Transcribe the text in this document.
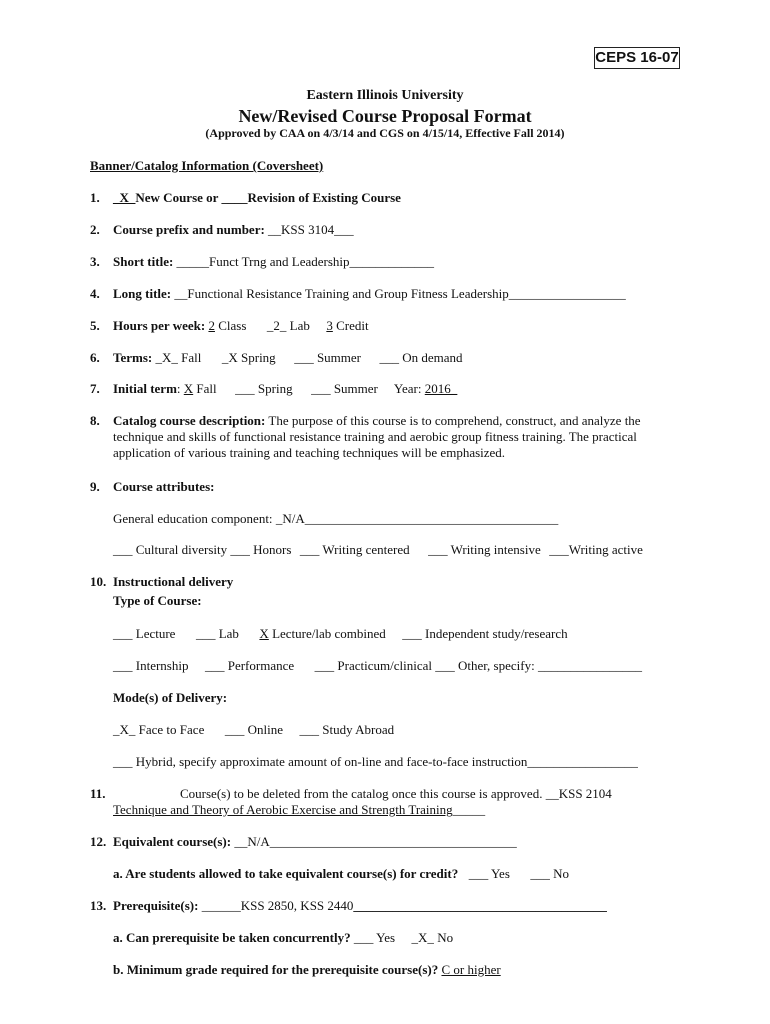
CEPS 16-07
Eastern Illinois University
New/Revised Course Proposal Format
(Approved by CAA on 4/3/14 and CGS on 4/15/14, Effective Fall 2014)
Banner/Catalog Information (Coversheet)
1. _X_New Course or ____Revision of Existing Course
2. Course prefix and number: __KSS 3104___
3. Short title: _____Funct Trng and Leadership_____________
4. Long title: __Functional Resistance Training and Group Fitness Leadership__________________
5. Hours per week: 2 Class _2_ Lab 3 Credit
6. Terms: _X_ Fall _X Spring ___ Summer ___ On demand
7. Initial term: X Fall ___ Spring ___ Summer Year: 2016_
8. Catalog course description: The purpose of this course is to comprehend, construct, and analyze the technique and skills of functional resistance training and aerobic group fitness training. The practical application of various training and teaching techniques will be emphasized.
9. Course attributes:
General education component: _N/A_______________________________________
___ Cultural diversity ___ Honors ___ Writing centered ___ Writing intensive ___Writing active
10. Instructional delivery
Type of Course:
___ Lecture ___ Lab X Lecture/lab combined ___ Independent study/research
___ Internship ___ Performance ___ Practicum/clinical ___ Other, specify: ________________
Mode(s) of Delivery:
_X_ Face to Face ___ Online ___ Study Abroad
___ Hybrid, specify approximate amount of on-line and face-to-face instruction_________________
11.	Course(s) to be deleted from the catalog once this course is approved. __KSS 2104
Technique and Theory of Aerobic Exercise and Strength Training_____
12. Equivalent course(s): __N/A______________________________________
a. Are students allowed to take equivalent course(s) for credit? ___ Yes ___ No
13. Prerequisite(s): ______KSS 2850, KSS 2440_______________________________________
a. Can prerequisite be taken concurrently? ___ Yes _X_ No
b. Minimum grade required for the prerequisite course(s)? C or higher
